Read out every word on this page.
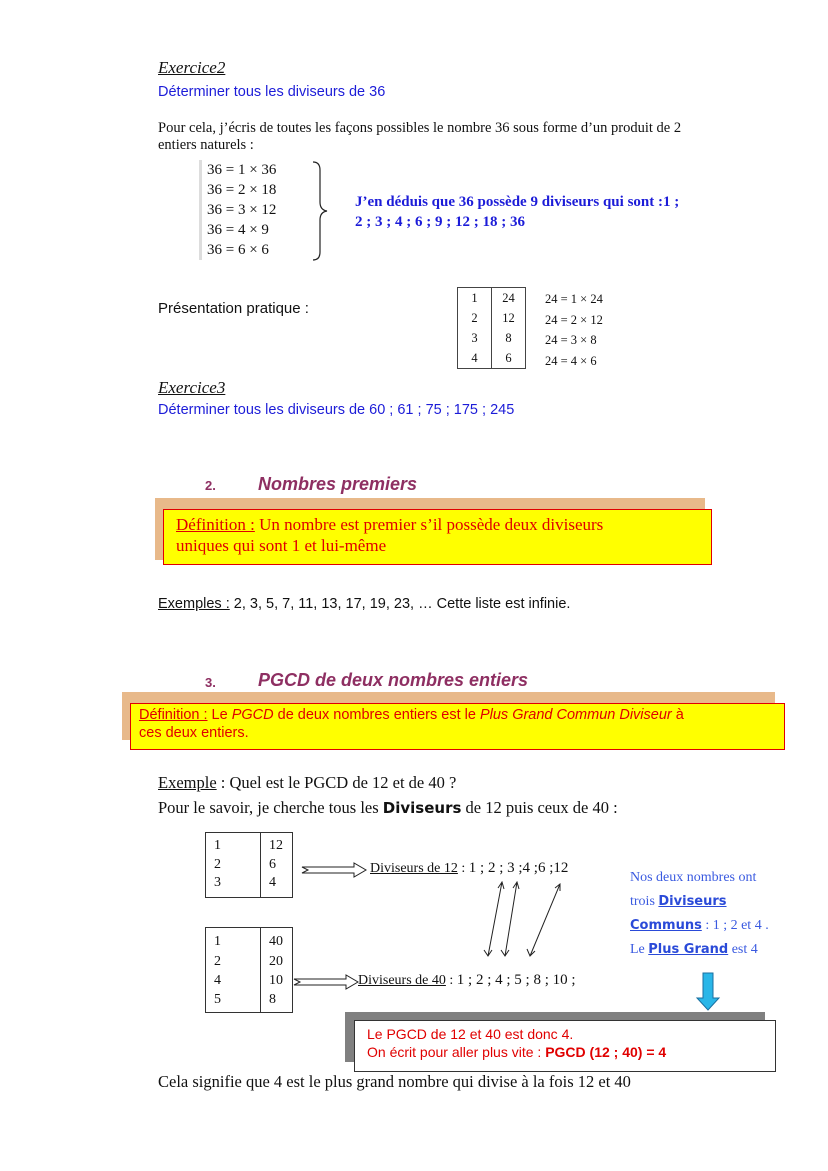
Exercice2
Déterminer tous les diviseurs de 36
Pour cela, j’écris de toutes les façons possibles le nombre 36 sous forme d’un produit de 2
entiers naturels :
36 = 1 × 36
36 = 2 × 18
36 = 3 × 12
36 = 4 × 9
36 = 6 × 6
J’en déduis que 36 possède 9 diviseurs qui sont :1 ;
2 ; 3 ; 4 ; 6 ; 9 ; 12 ; 18 ; 36
Présentation pratique :
1	24
2	12
3	8
4	6
24 = 1 × 24
24 = 2 × 12
24 = 3 × 8
24 = 4 × 6
Exercice3
Déterminer tous les diviseurs de 60 ; 61 ; 75 ; 175 ; 245
2. Nombres premiers
Définition : Un nombre est premier s’il possède deux diviseurs
uniques qui sont 1 et lui-même
Exemples : 2, 3, 5, 7, 11, 13, 17, 19, 23, … Cette liste est infinie.
3. PGCD de deux nombres entiers
Définition : Le PGCD de deux nombres entiers est le Plus Grand Commun Diviseur à
ces deux entiers.
Exemple : Quel est le PGCD de 12 et de 40 ?
Pour le savoir, je cherche tous les Diviseurs de 12 puis ceux de 40 :
1	12
2	6
3	4
1	40
2	20
4	10
5	8
Diviseurs de 12 : 1 ; 2 ; 3 ;4 ;6 ;12
Diviseurs de 40 : 1 ; 2 ; 4 ; 5 ; 8 ; 10 ;
Nos deux nombres ont
trois Diviseurs
Communs : 1 ; 2 et 4 .
Le Plus Grand est 4
Le PGCD de 12 et 40 est donc 4.
On écrit pour aller plus vite : PGCD (12 ; 40) = 4
Cela signifie que 4 est le plus grand nombre qui divise à la fois 12 et 40
